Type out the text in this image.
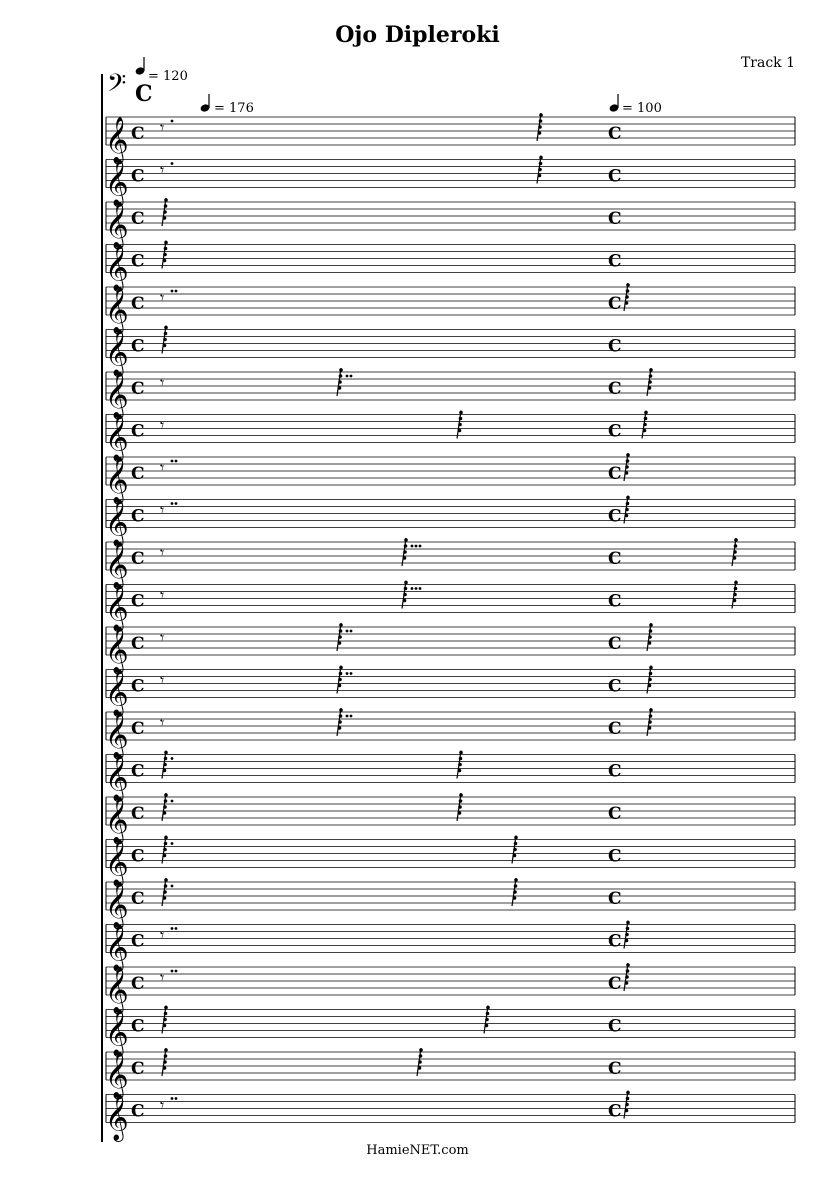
Ojo Dipleroki
Track 1
𝄢 C
= 120
= 176	= 100
𝄞 C	C
𝄾
𝄞 C	C
𝄾
𝄞 C	C
𝄞 C	C
𝄞 C	C
𝄾
𝄞 C	C
𝄞 C	C
𝄾
𝄞 C	C
𝄾
𝄞 C	C
𝄾
𝄞 C	C
𝄾
𝄞 C	C
𝄾
𝄞 C	C
𝄾
𝄞 C	C
𝄾
𝄞 C	C
𝄾
𝄞 C	C
𝄾
𝄞 C	C
𝄞 C	C
𝄞 C	C
𝄞 C	C
𝄞 C	C
𝄾
𝄞 C	C
𝄾
𝄞 C	C
𝄞 C	C
𝄞 C	C
𝄾
HamieNET.com
